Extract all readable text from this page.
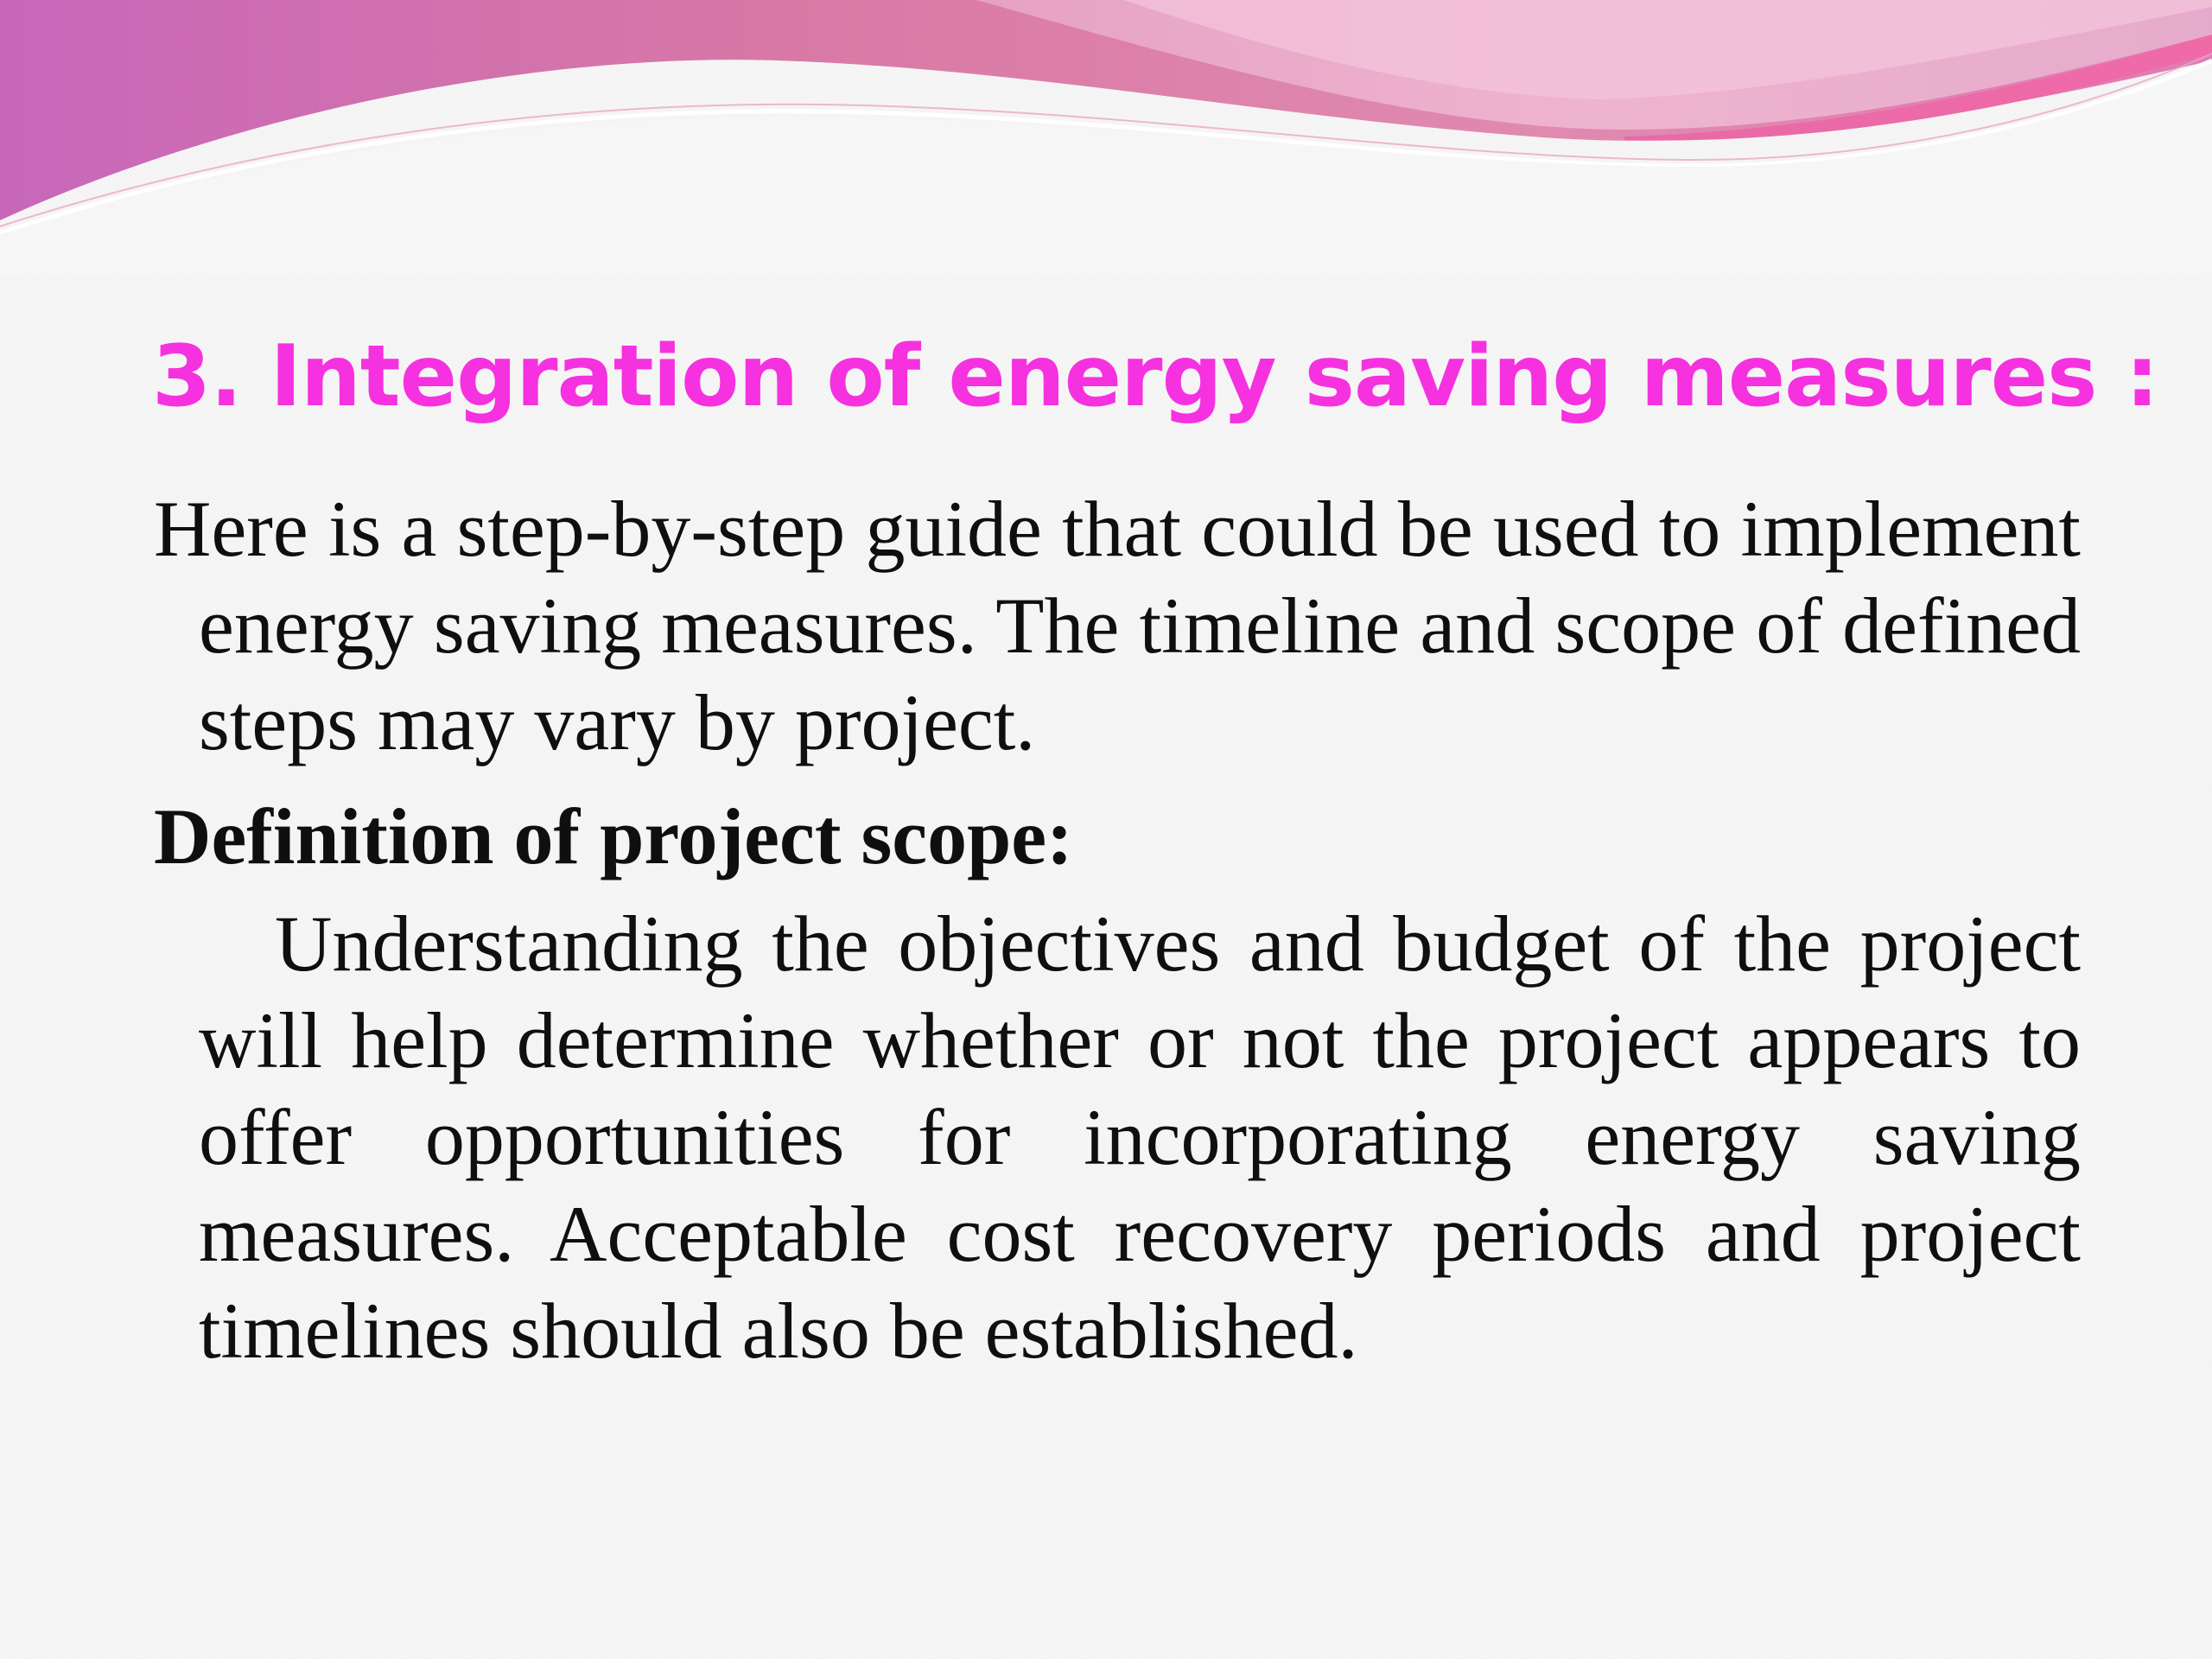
3. Integration of energy saving measures :

Here is a step-by-step guide that could be used to implement energy saving measures. The timeline and scope of defined steps may vary by project.

Definition of project scope:

Understanding the objectives and budget of the project will help determine whether or not the project appears to offer opportunities for incorporating energy saving measures. Acceptable cost recovery periods and project timelines should also be established.
